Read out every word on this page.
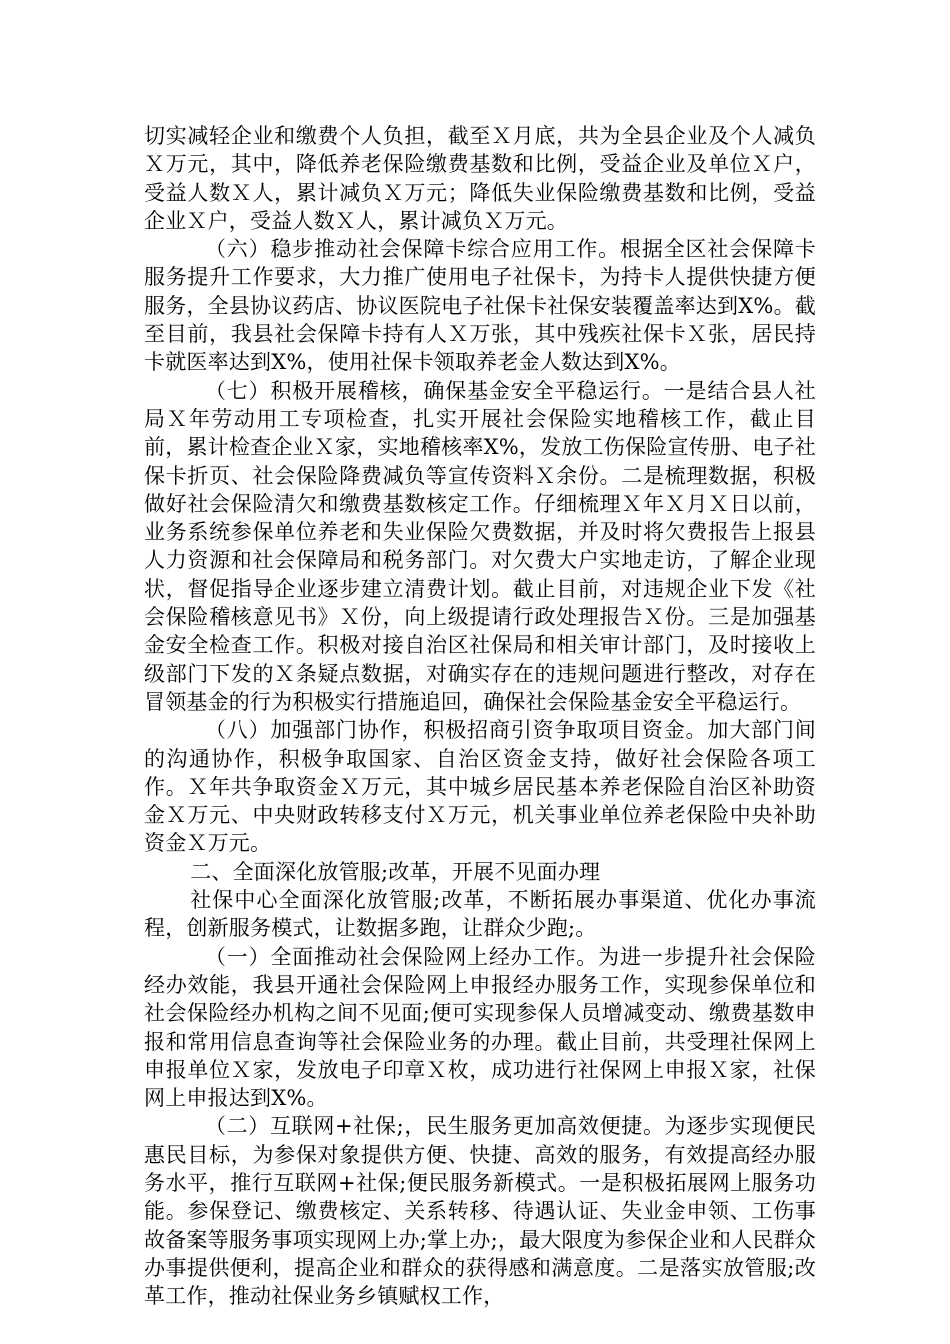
切实减轻企业和缴费个人负担，截至Ｘ月底，共为全县企业及个人减负Ｘ万元，其中，降低养老保险缴费基数和比例，受益企业及单位Ｘ户，受益人数Ｘ人，累计减负Ｘ万元；降低失业保险缴费基数和比例，受益企业Ｘ户，受益人数Ｘ人，累计减负Ｘ万元。

（六）稳步推动社会保障卡综合应用工作。根据全区社会保障卡服务提升工作要求，大力推广使用电子社保卡，为持卡人提供快捷方便服务，全县协议药店、协议医院电子社保卡社保安装覆盖率达到X%。截至目前，我县社会保障卡持有人Ｘ万张，其中残疾社保卡Ｘ张，居民持卡就医率达到X%，使用社保卡领取养老金人数达到X%。

（七）积极开展稽核，确保基金安全平稳运行。一是结合县人社局Ｘ年劳动用工专项检查，扎实开展社会保险实地稽核工作，截止目前，累计检查企业Ｘ家，实地稽核率X%，发放工伤保险宣传册、电子社保卡折页、社会保险降费减负等宣传资料Ｘ余份。二是梳理数据，积极做好社会保险清欠和缴费基数核定工作。仔细梳理Ｘ年Ｘ月Ｘ日以前，业务系统参保单位养老和失业保险欠费数据，并及时将欠费报告上报县人力资源和社会保障局和税务部门。对欠费大户实地走访，了解企业现状，督促指导企业逐步建立清费计划。截止目前，对违规企业下发《社会保险稽核意见书》Ｘ份，向上级提请行政处理报告Ｘ份。三是加强基金安全检查工作。积极对接自治区社保局和相关审计部门，及时接收上级部门下发的Ｘ条疑点数据，对确实存在的违规问题进行整改，对存在冒领基金的行为积极实行措施追回，确保社会保险基金安全平稳运行。

（八）加强部门协作，积极招商引资争取项目资金。加大部门间的沟通协作，积极争取国家、自治区资金支持，做好社会保险各项工作。Ｘ年共争取资金Ｘ万元，其中城乡居民基本养老保险自治区补助资金Ｘ万元、中央财政转移支付Ｘ万元，机关事业单位养老保险中央补助资金Ｘ万元。

二、全面深化放管服;改革，开展不见面办理

社保中心全面深化放管服;改革，不断拓展办事渠道、优化办事流程，创新服务模式，让数据多跑，让群众少跑;。

（一）全面推动社会保险网上经办工作。为进一步提升社会保险经办效能，我县开通社会保险网上申报经办服务工作，实现参保单位和社会保险经办机构之间不见面;便可实现参保人员增减变动、缴费基数申报和常用信息查询等社会保险业务的办理。截止目前，共受理社保网上申报单位Ｘ家，发放电子印章Ｘ枚，成功进行社保网上申报Ｘ家，社保网上申报达到X%。

（二）互联网+社保;，民生服务更加高效便捷。为逐步实现便民惠民目标，为参保对象提供方便、快捷、高效的服务，有效提高经办服务水平，推行互联网+社保;便民服务新模式。一是积极拓展网上服务功能。参保登记、缴费核定、关系转移、待遇认证、失业金申领、工伤事故备案等服务事项实现网上办;掌上办;，最大限度为参保企业和人民群众办事提供便利，提高企业和群众的获得感和满意度。二是落实放管服;改革工作，推动社保业务乡镇赋权工作，
